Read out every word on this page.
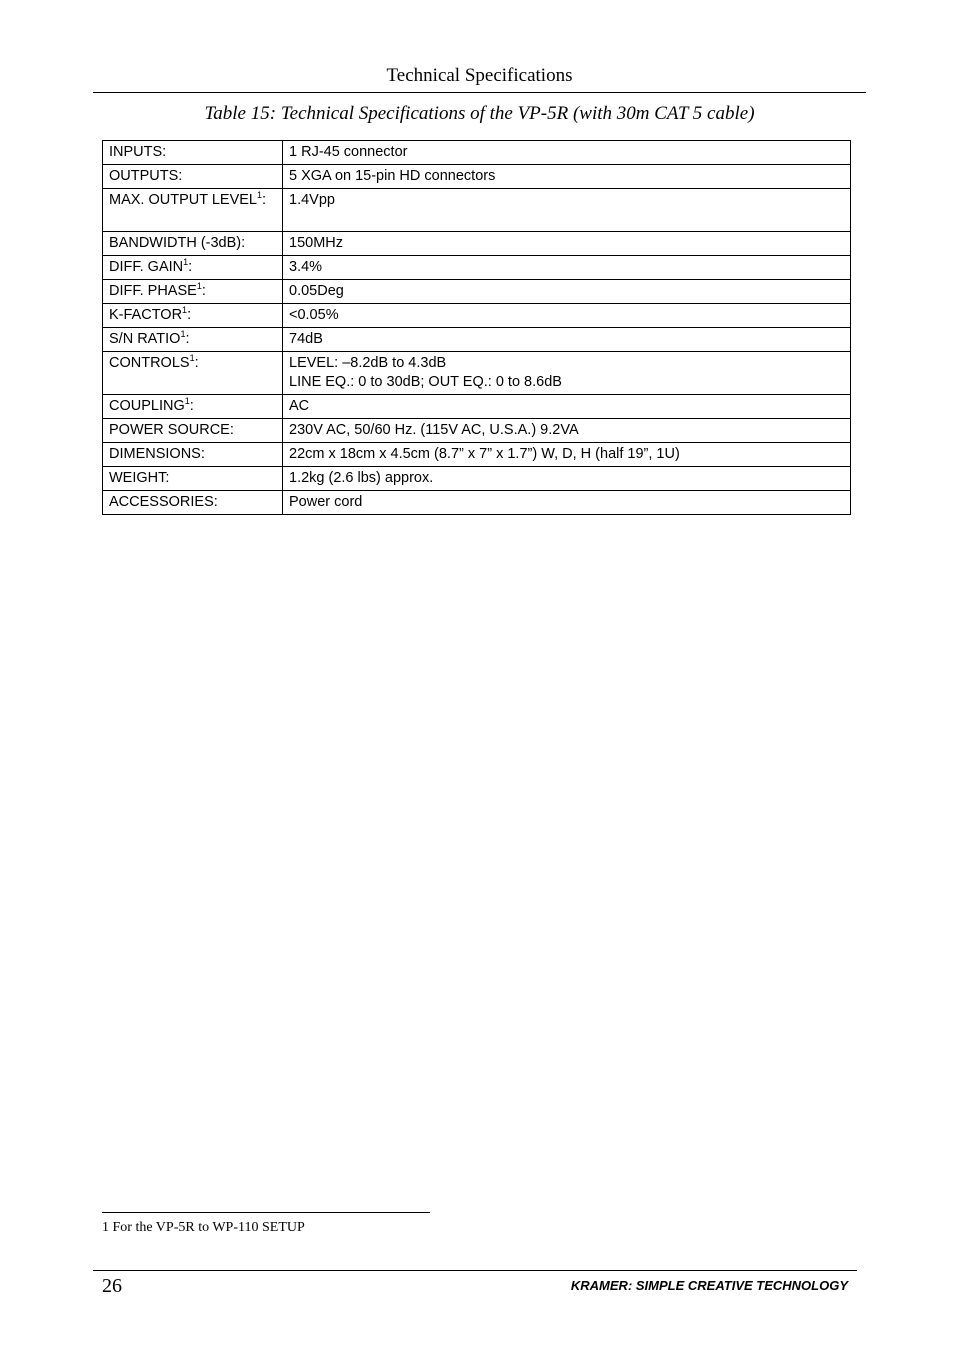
Technical Specifications
Table 15: Technical Specifications of the VP-5R (with 30m CAT 5 cable)
INPUTS:	1 RJ-45 connector
OUTPUTS:	5 XGA on 15-pin HD connectors
MAX. OUTPUT LEVEL$^1$:	1.4Vpp
BANDWIDTH (-3dB):	150MHz
DIFF. GAIN$^1$:	3.4%
DIFF. PHASE$^1$:	0.05Deg
$K-FACTOR^1$:	<0.05%
S/N RATIO$^1$:	74dB
CONTROLS$^1$:	LEVEL: –8.2dB to 4.3dB
LINE EQ.: 0 to 30dB; OUT EQ.: 0 to 8.6dB

COUPLING$^1$:	AC
POWER SOURCE:	230V AC, 50/60 Hz. (115V AC, U.S.A.) 9.2VA
DIMENSIONS:	22cm x 18cm x 4.5cm (8.7” x 7” x 1.7”) W, D, H (half 19”, 1U)
WEIGHT:	1.2kg (2.6 lbs) approx.
ACCESSORIES:	Power cord
1 For the VP-5R to WP-110 SETUP
26	KRAMER: SIMPLE CREATIVE TECHNOLOGY
